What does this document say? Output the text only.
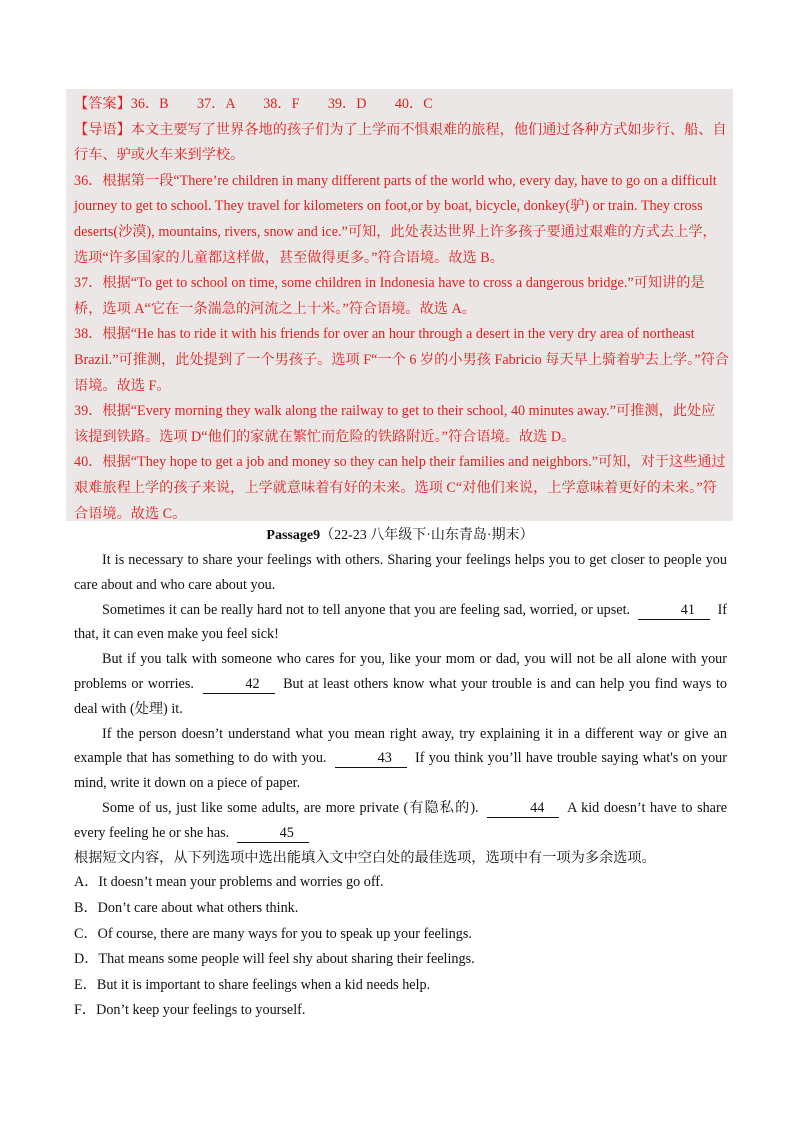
【答案】36．B　　37．A　　38．F　　39．D　　40．C

【导语】本文主要写了世界各地的孩子们为了上学而不惧艰难的旅程，他们通过各种方式如步行、船、自行车、驴或火车来到学校。

36．根据第一段“There’re children in many different parts of the world who, every day, have to go on a difficult journey to get to school. They travel for kilometers on foot,or by boat, bicycle, donkey(驴) or train. They cross deserts(沙漠), mountains, rivers, snow and ice.”可知，此处表达世界上许多孩子要通过艰难的方式去上学，选项“许多国家的儿童都这样做，甚至做得更多。”符合语境。故选 B。

37．根据“To get to school on time, some children in Indonesia have to cross a dangerous bridge.”可知讲的是桥，选项 A“它在一条湍急的河流之上十米。”符合语境。故选 A。

38．根据“He has to ride it with his friends for over an hour through a desert in the very dry area of northeast Brazil.”可推测，此处提到了一个男孩子。选项 F“一个 6 岁的小男孩 Fabricio 每天早上骑着驴去上学。”符合语境。故选 F。

39．根据“Every morning they walk along the railway to get to their school, 40 minutes away.”可推测，此处应该提到铁路。选项 D“他们的家就在繁忙而危险的铁路附近。”符合语境。故选 D。

40．根据“They hope to get a job and money so they can help their families and neighbors.”可知，对于这些通过艰难旅程上学的孩子来说，上学就意味着有好的未来。选项 C“对他们来说，上学意味着更好的未来。”符合语境。故选 C。

Passage9（22-23 八年级下·山东青岛·期末）

It is necessary to share your feelings with others. Sharing your feelings helps you to get closer to people you care about and who care about you.

Sometimes it can be really hard not to tell anyone that you are feeling sad, worried, or upset.	41 If that, it can even make you feel sick!

But if you talk with someone who cares for you, like your mom or dad, you will not be all alone with your problems or worries.	42 But at least others know what your trouble is and can help you find ways to deal with (处理) it.

If the person doesn’t understand what you mean right away, try explaining it in a different way or give an example that has something to do with you.	43 If you think you’ll have trouble saying what's on your mind, write it down on a piece of paper.

Some of us, just like some adults, are more private (有隐私的).	44 A kid doesn’t have to share every feeling he or she has.	45

根据短文内容，从下列选项中选出能填入文中空白处的最佳选项，选项中有一项为多余选项。

A．It doesn’t mean your problems and worries go off.

B．Don’t care about what others think.

C．Of course, there are many ways for you to speak up your feelings.

D．That means some people will feel shy about sharing their feelings.

E．But it is important to share feelings when a kid needs help.

F．Don’t keep your feelings to yourself.
